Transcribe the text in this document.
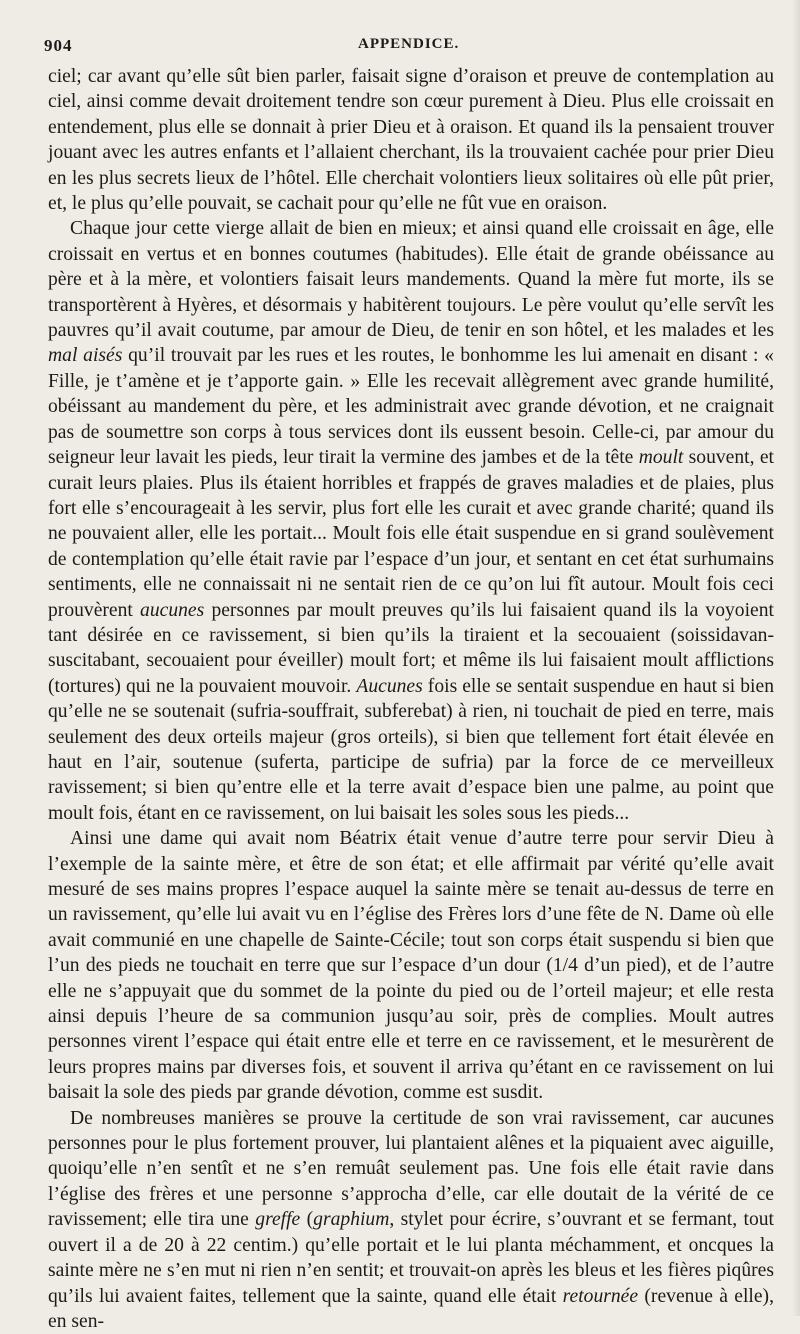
904	APPENDICE.

ciel; car avant qu’elle sût bien parler, faisait signe d’oraison et preuve de contemplation au ciel, ainsi comme devait droitement tendre son cœur purement à Dieu. Plus elle croissait en entendement, plus elle se donnait à prier Dieu et à oraison. Et quand ils la pensaient trouver jouant avec les autres enfants et l’allaient cherchant, ils la trouvaient cachée pour prier Dieu en les plus secrets lieux de l’hôtel. Elle cherchait volontiers lieux solitaires où elle pût prier, et, le plus qu’elle pouvait, se cachait pour qu’elle ne fût vue en oraison.

Chaque jour cette vierge allait de bien en mieux; et ainsi quand elle croissait en âge, elle croissait en vertus et en bonnes coutumes (habitudes). Elle était de grande obéissance au père et à la mère, et volontiers faisait leurs mandements. Quand la mère fut morte, ils se transportèrent à Hyères, et désormais y habitèrent toujours. Le père voulut qu’elle servît les pauvres qu’il avait coutume, par amour de Dieu, de tenir en son hôtel, et les malades et les mal aisés qu’il trouvait par les rues et les routes, le bonhomme les lui amenait en disant : « Fille, je t’amène et je t’apporte gain. » Elle les recevait allègrement avec grande humilité, obéissant au mandement du père, et les administrait avec grande dévotion, et ne craignait pas de soumettre son corps à tous services dont ils eussent besoin. Celle-ci, par amour du seigneur leur lavait les pieds, leur tirait la vermine des jambes et de la tête moult souvent, et curait leurs plaies. Plus ils étaient horribles et frappés de graves maladies et de plaies, plus fort elle s’encourageait à les servir, plus fort elle les curait et avec grande charité; quand ils ne pouvaient aller, elle les portait... Moult fois elle était suspendue en si grand soulèvement de contemplation qu’elle était ravie par l’espace d’un jour, et sentant en cet état surhumains sentiments, elle ne connaissait ni ne sentait rien de ce qu’on lui fît autour. Moult fois ceci prouvèrent aucunes personnes par moult preuves qu’ils lui faisaient quand ils la voyoient tant désirée en ce ravissement, si bien qu’ils la tiraient et la secouaient (soissidavan-suscitabant, secouaient pour éveiller) moult fort; et même ils lui faisaient moult afflictions (tortures) qui ne la pouvaient mouvoir. Aucunes fois elle se sentait suspendue en haut si bien qu’elle ne se soutenait (sufria-souffrait, subferebat) à rien, ni touchait de pied en terre, mais seulement des deux orteils majeur (gros orteils), si bien que tellement fort était élevée en haut en l’air, soutenue (suferta, participe de sufria) par la force de ce merveilleux ravissement; si bien qu’entre elle et la terre avait d’espace bien une palme, au point que moult fois, étant en ce ravissement, on lui baisait les soles sous les pieds...

Ainsi une dame qui avait nom Béatrix était venue d’autre terre pour servir Dieu à l’exemple de la sainte mère, et être de son état; et elle affirmait par vérité qu’elle avait mesuré de ses mains propres l’espace auquel la sainte mère se tenait au-dessus de terre en un ravissement, qu’elle lui avait vu en l’église des Frères lors d’une fête de N. Dame où elle avait communié en une chapelle de Sainte-Cécile; tout son corps était suspendu si bien que l’un des pieds ne touchait en terre que sur l’espace d’un dour (1/4 d’un pied), et de l’autre elle ne s’appuyait que du sommet de la pointe du pied ou de l’orteil majeur; et elle resta ainsi depuis l’heure de sa communion jusqu’au soir, près de complies. Moult autres personnes virent l’espace qui était entre elle et terre en ce ravissement, et le mesurèrent de leurs propres mains par diverses fois, et souvent il arriva qu’étant en ce ravissement on lui baisait la sole des pieds par grande dévotion, comme est susdit.

De nombreuses manières se prouve la certitude de son vrai ravissement, car aucunes personnes pour le plus fortement prouver, lui plantaient alênes et la piquaient avec aiguille, quoiqu’elle n’en sentît et ne s’en remuât seulement pas. Une fois elle était ravie dans l’église des frères et une personne s’approcha d’elle, car elle doutait de la vérité de ce ravissement; elle tira une greffe (graphium, stylet pour écrire, s’ouvrant et se fermant, tout ouvert il a de 20 à 22 centim.) qu’elle portait et le lui planta méchamment, et oncques la sainte mère ne s’en mut ni rien n’en sentit; et trouvait-on après les bleus et les fières piqûres qu’ils lui avaient faites, tellement que la sainte, quand elle était retournée (revenue à elle), en sen-
